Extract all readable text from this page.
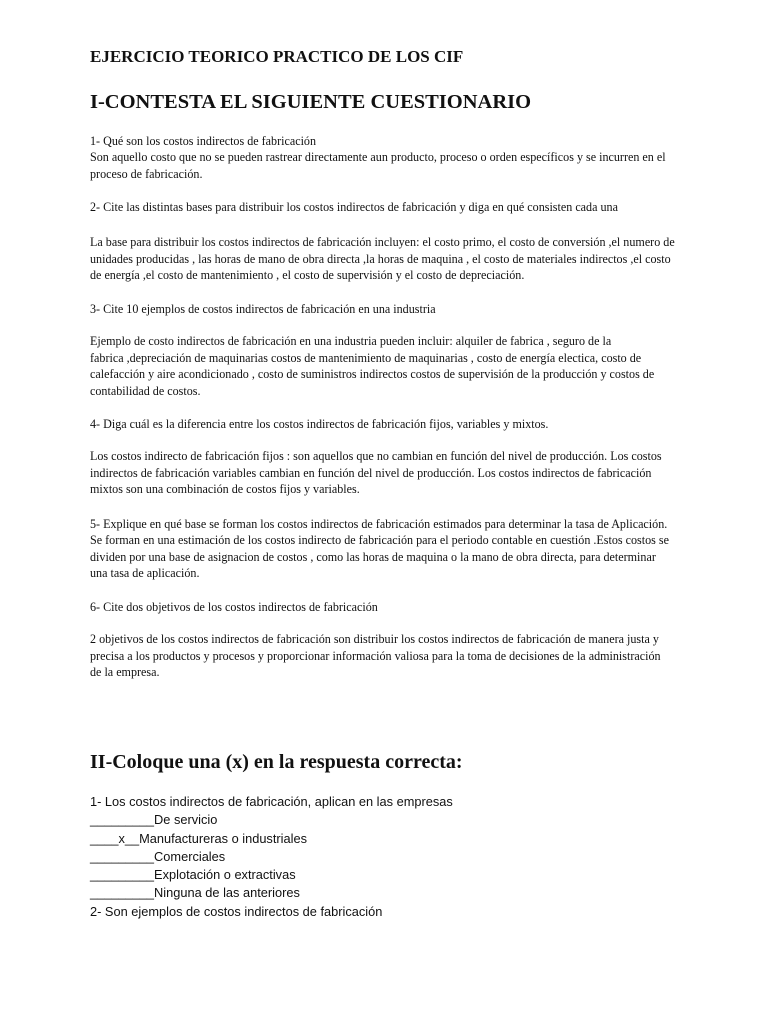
EJERCICIO TEORICO PRACTICO DE LOS CIF
I-CONTESTA EL SIGUIENTE CUESTIONARIO

1- Qué son los costos indirectos de fabricación

Son aquello costo que no se pueden rastrear directamente aun producto, proceso o orden específicos y se incurren en el
proceso de fabricación.

2- Cite las distintas bases para distribuir los costos indirectos de fabricación y diga en qué consisten cada una

La base para distribuir los costos indirectos de fabricación incluyen: el costo primo, el costo de conversión ,el numero de
unidades producidas , las horas de mano de obra directa ,la horas de maquina , el costo de materiales indirectos ,el costo
de energía ,el costo de mantenimiento , el costo de supervisión y el costo de depreciación.

3- Cite 10 ejemplos de costos indirectos de fabricación en una industria

Ejemplo de costo indirectos de fabricación en una industria pueden incluir: alquiler de fabrica , seguro de la
fabrica ,depreciación de maquinarias costos de mantenimiento de maquinarias , costo de energía electica, costo de
calefacción y aire acondicionado , costo de suministros indirectos costos de supervisión de la producción y costos de
contabilidad de costos.

4- Diga cuál es la diferencia entre los costos indirectos de fabricación fijos, variables y mixtos.

Los costos indirecto de fabricación fijos : son aquellos que no cambian en función del nivel de producción. Los costos
indirectos de fabricación variables cambian en función del nivel de producción. Los costos indirectos de fabricación
mixtos son una combinación de costos fijos y variables.

5- Explique en qué base se forman los costos indirectos de fabricación estimados para determinar la tasa de Aplicación.

Se forman en una estimación de los costos indirecto de fabricación para el periodo contable en cuestión .Estos costos se
dividen por una base de asignacion de costos , como las horas de maquina o la mano de obra directa, para determinar
una tasa de aplicación.

6- Cite dos objetivos de los costos indirectos de fabricación

2 objetivos de los costos indirectos de fabricación son distribuir los costos indirectos de fabricación de manera justa y
precisa a los productos y procesos y proporcionar información valiosa para la toma de decisiones de la administración
de la empresa.

II-Coloque una (x) en la respuesta correcta:
1- Los costos indirectos de fabricación, aplican en las empresas
_________De servicio
____x__Manufactureras o industriales
_________Comerciales
_________Explotación o extractivas
_________Ninguna de las anteriores
2- Son ejemplos de costos indirectos de fabricación
